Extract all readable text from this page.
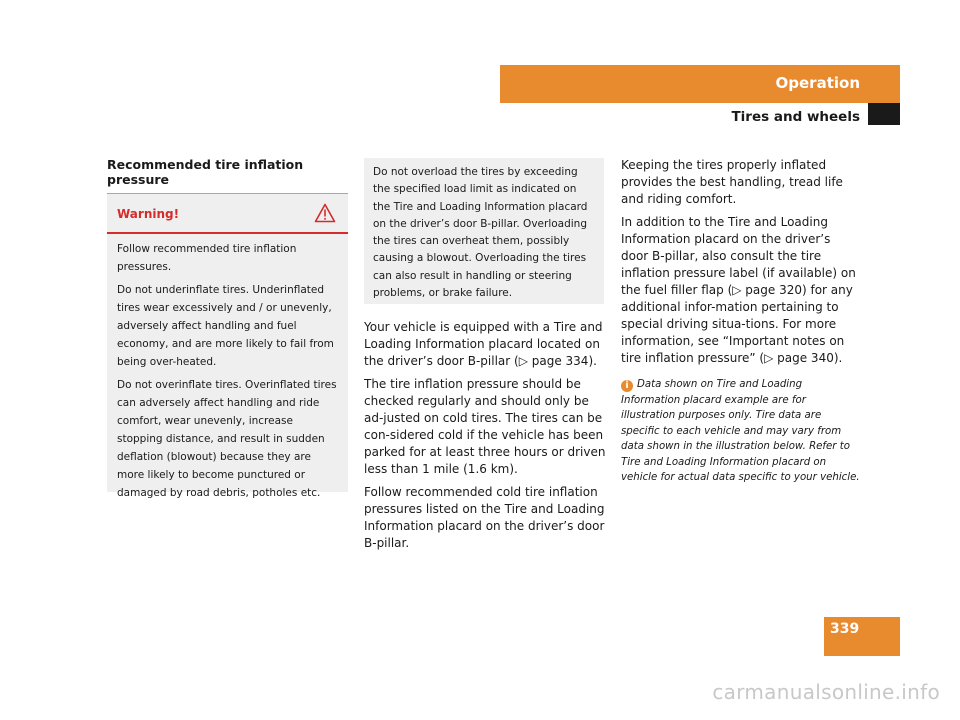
Operation
Tires and wheels
Recommended tire inflation pressure
Warning!

Follow recommended tire inflation pressures.

Do not underinflate tires. Underinflated tires wear excessively and / or unevenly, adversely affect handling and fuel economy, and are more likely to fail from being over-heated.

Do not overinflate tires. Overinflated tires can adversely affect handling and ride comfort, wear unevenly, increase stopping distance, and result in sudden deflation (blowout) because they are more likely to become punctured or damaged by road debris, potholes etc.

Do not overload the tires by exceeding the specified load limit as indicated on the Tire and Loading Information placard on the driver’s door B-pillar. Overloading the tires can overheat them, possibly causing a blowout. Overloading the tires can also result in handling or steering problems, or brake failure.

Your vehicle is equipped with a Tire and Loading Information placard located on the driver’s door B-pillar (▷ page 334).

The tire inflation pressure should be checked regularly and should only be ad-justed on cold tires. The tires can be con-sidered cold if the vehicle has been parked for at least three hours or driven less than 1 mile (1.6 km).

Follow recommended cold tire inflation pressures listed on the Tire and Loading Information placard on the driver’s door B-pillar.

Keeping the tires properly inflated provides the best handling, tread life and riding comfort.

In addition to the Tire and Loading Information placard on the driver’s door B-pillar, also consult the tire inflation pressure label (if available) on the fuel filler flap (▷ page 320) for any additional infor-mation pertaining to special driving situa-tions. For more information, see “Important notes on tire inflation pressure” (▷ page 340).

i Data shown on Tire and Loading Information placard example are for illustration purposes only. Tire data are specific to each vehicle and may vary from data shown in the illustration below. Refer to Tire and Loading Information placard on vehicle for actual data specific to your vehicle.

339
carmanualsonline.info
